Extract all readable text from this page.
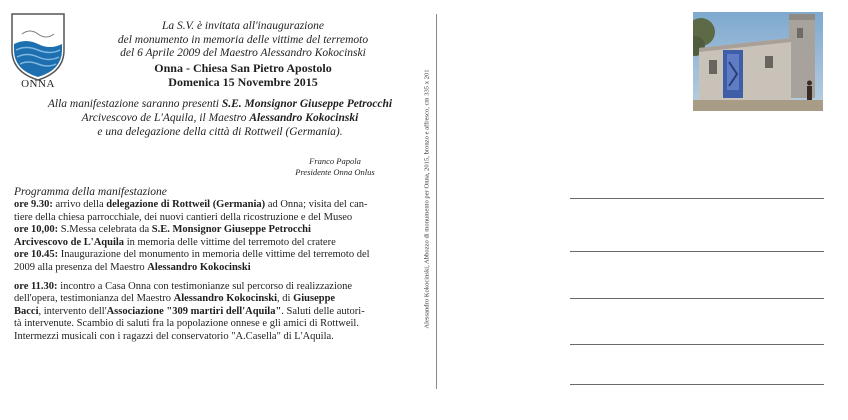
ONNA
La S.V. è invitata all'inaugurazione
del monumento in memoria delle vittime del terremoto
del 6 Aprile 2009 del Maestro Alessandro Kokocinski
Onna - Chiesa San Pietro Apostolo
Domenica 15 Novembre 2015
Alla manifestazione saranno presenti S.E. Monsignor Giuseppe Petrocchi
Arcivescovo de L'Aquila, il Maestro Alessandro Kokocinski
e una delegazione della città di Rottweil (Germania).
Franco Papola
Presidente Onna Onlus
Programma della manifestazione
ore 9.30: arrivo della delegazione di Rottweil (Germania) ad Onna; visita del can-
tiere della chiesa parrocchiale, dei nuovi cantieri della ricostruzione e del Museo
ore 10,00: S.Messa celebrata da S.E. Monsignor Giuseppe Petrocchi
Arcivescovo de L'Aquila in memoria delle vittime del terremoto del cratere
ore 10.45: Inaugurazione del monumento in memoria delle vittime del terremoto del
2009 alla presenza del Maestro Alessandro Kokocinski
ore 11.30: incontro a Casa Onna con testimonianze sul percorso di realizzazione
dell'opera, testimonianza del Maestro Alessandro Kokocinski, di Giuseppe
Bacci, intervento dell'Associazione "309 martiri dell'Aquila". Saluti delle autori-
tà intervenute. Scambio di saluti fra la popolazione onnese e gli amici di Rottweil.
Intermezzi musicali con i ragazzi del conservatorio "A.Casella" di L'Aquila.
Alessandro Kokocinski, Abbozzo di monumento per Onna, 2015, bronzo e affresco, cm 335 x 201
